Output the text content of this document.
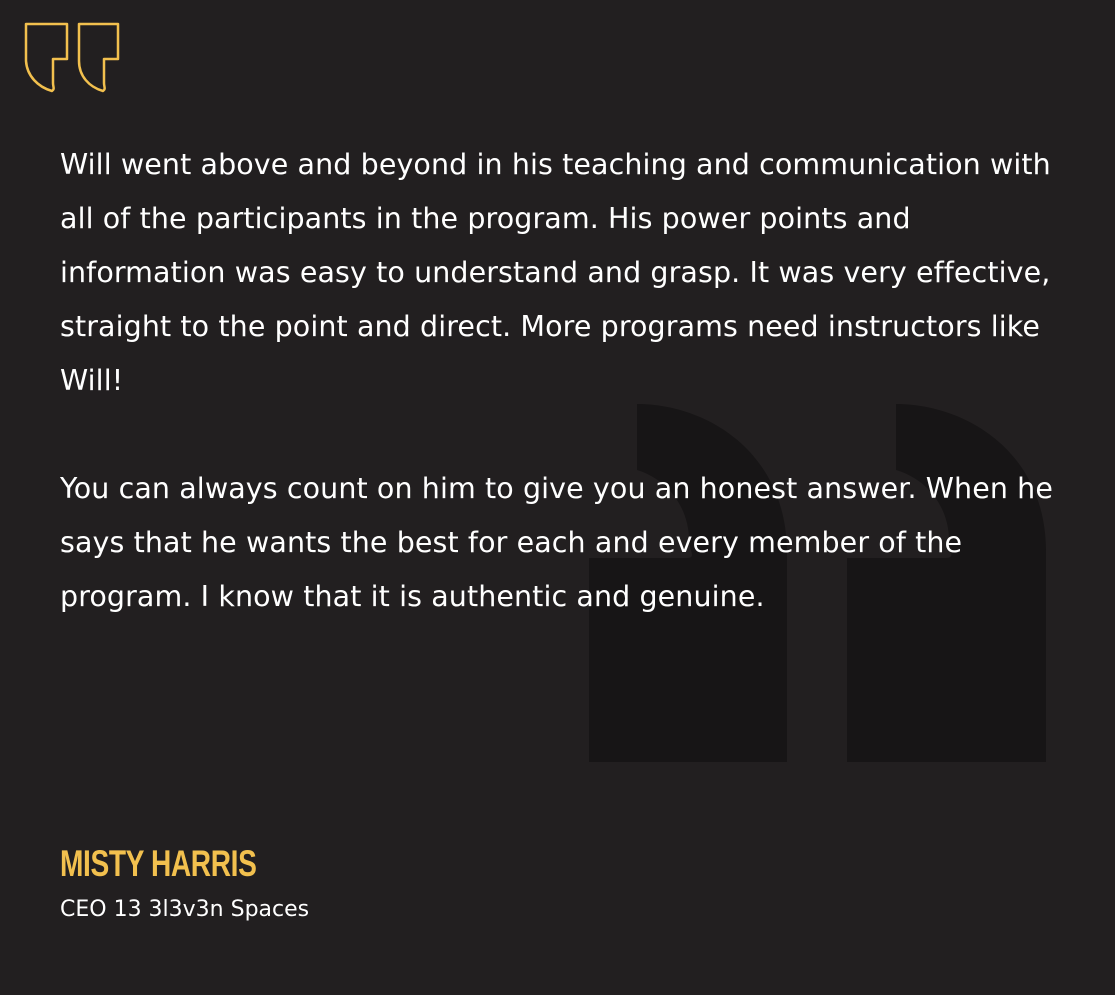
Will went above and beyond in his teaching and communication with all of the participants in the program. His power points and information was easy to understand and grasp. It was very effective, straight to the point and direct. More programs need instructors like Will!

You can always count on him to give you an honest answer. When he says that he wants the best for each and every member of the program. I know that it is authentic and genuine.

MISTY HARRIS
CEO 13 3l3v3n Spaces
